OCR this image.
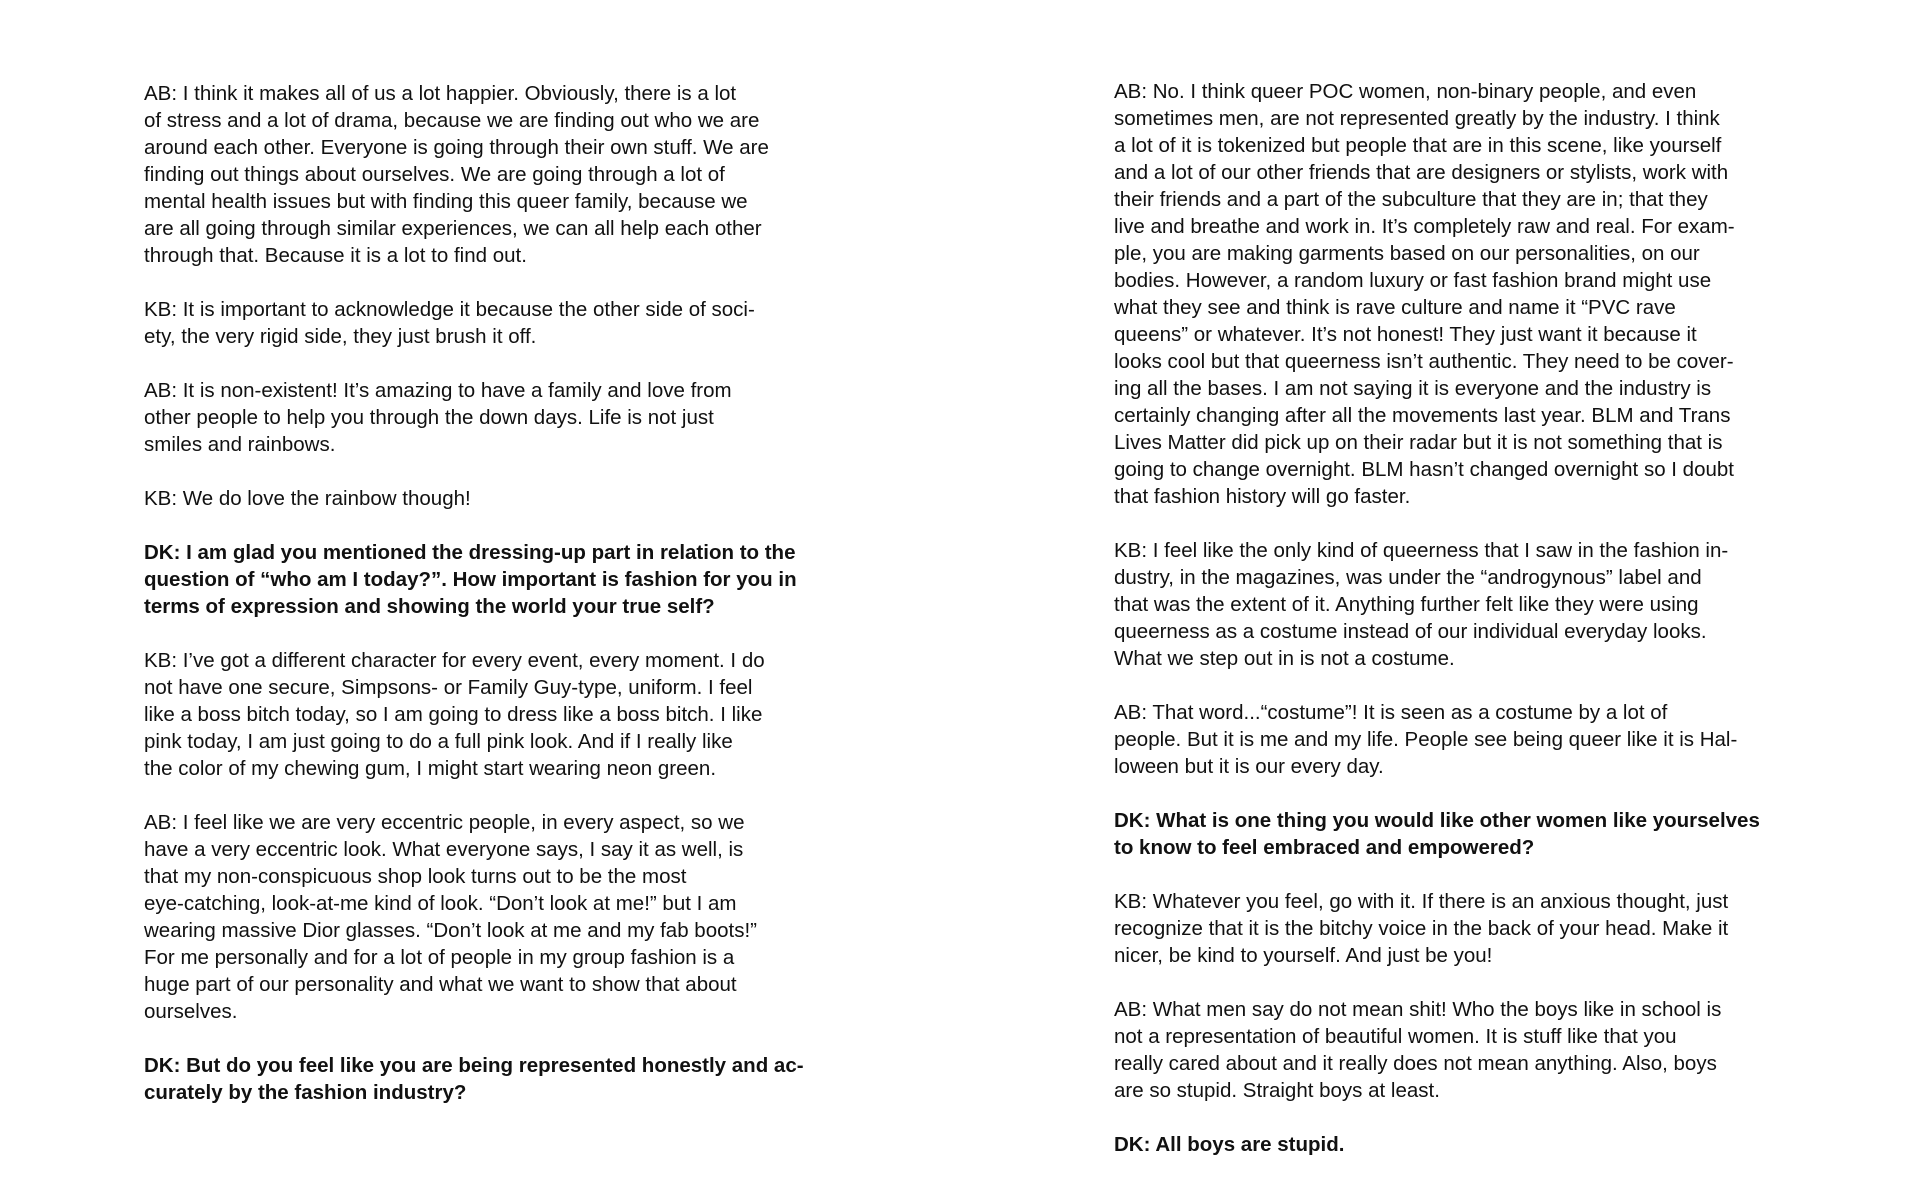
AB: I think it makes all of us a lot happier. Obviously, there is a lot
of stress and a lot of drama, because we are finding out who we are
around each other. Everyone is going through their own stuff. We are
finding out things about ourselves. We are going through a lot of
mental health issues but with finding this queer family, because we
are all going through similar experiences, we can all help each other
through that. Because it is a lot to find out.

KB: It is important to acknowledge it because the other side of soci-
ety, the very rigid side, they just brush it off.

AB: It is non-existent! It’s amazing to have a family and love from
other people to help you through the down days. Life is not just
smiles and rainbows.

KB: We do love the rainbow though!

DK: I am glad you mentioned the dressing-up part in relation to the
question of “who am I today?”. How important is fashion for you in
terms of expression and showing the world your true self?

KB: I’ve got a different character for every event, every moment. I do
not have one secure, Simpsons- or Family Guy-type, uniform. I feel
like a boss bitch today, so I am going to dress like a boss bitch. I like
pink today, I am just going to do a full pink look. And if I really like
the color of my chewing gum, I might start wearing neon green.

AB: I feel like we are very eccentric people, in every aspect, so we
have a very eccentric look. What everyone says, I say it as well, is
that my non-conspicuous shop look turns out to be the most
eye-catching, look-at-me kind of look. “Don’t look at me!” but I am
wearing massive Dior glasses. “Don’t look at me and my fab boots!”
For me personally and for a lot of people in my group fashion is a
huge part of our personality and what we want to show that about
ourselves.

DK: But do you feel like you are being represented honestly and ac-
curately by the fashion industry?

AB: No. I think queer POC women, non-binary people, and even
sometimes men, are not represented greatly by the industry. I think
a lot of it is tokenized but people that are in this scene, like yourself
and a lot of our other friends that are designers or stylists, work with
their friends and a part of the subculture that they are in; that they
live and breathe and work in. It’s completely raw and real. For exam-
ple, you are making garments based on our personalities, on our
bodies. However, a random luxury or fast fashion brand might use
what they see and think is rave culture and name it “PVC rave
queens” or whatever. It’s not honest! They just want it because it
looks cool but that queerness isn’t authentic. They need to be cover-
ing all the bases. I am not saying it is everyone and the industry is
certainly changing after all the movements last year. BLM and Trans
Lives Matter did pick up on their radar but it is not something that is
going to change overnight. BLM hasn’t changed overnight so I doubt
that fashion history will go faster.

KB: I feel like the only kind of queerness that I saw in the fashion in-
dustry, in the magazines, was under the “androgynous” label and
that was the extent of it. Anything further felt like they were using
queerness as a costume instead of our individual everyday looks.
What we step out in is not a costume.

AB: That word...“costume”! It is seen as a costume by a lot of
people. But it is me and my life. People see being queer like it is Hal-
loween but it is our every day.

DK: What is one thing you would like other women like yourselves
to know to feel embraced and empowered?

KB: Whatever you feel, go with it. If there is an anxious thought, just
recognize that it is the bitchy voice in the back of your head. Make it
nicer, be kind to yourself. And just be you!

AB: What men say do not mean shit! Who the boys like in school is
not a representation of beautiful women. It is stuff like that you
really cared about and it really does not mean anything. Also, boys
are so stupid. Straight boys at least.

DK: All boys are stupid.
